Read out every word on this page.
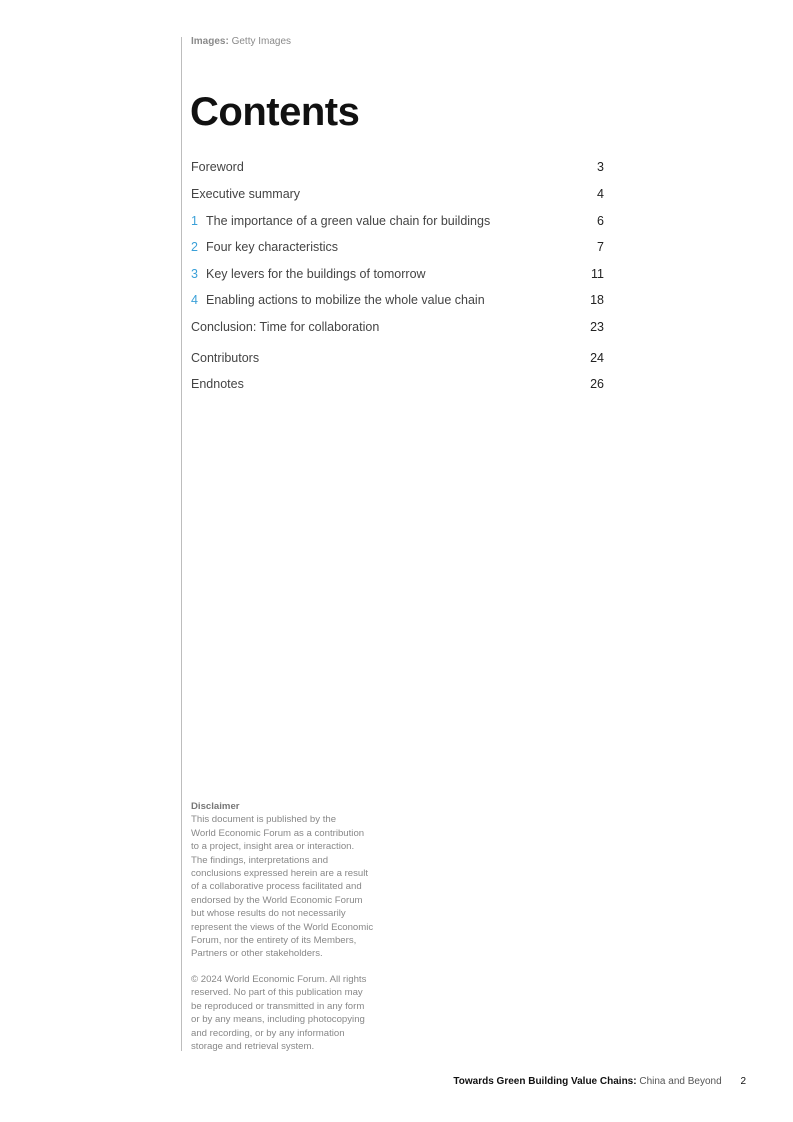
Images: Getty Images
Contents
Foreword	3
Executive summary	4
1 The importance of a green value chain for buildings	6
2 Four key characteristics	7
3 Key levers for the buildings of tomorrow	11
4 Enabling actions to mobilize the whole value chain	18
Conclusion: Time for collaboration	23
Contributors	24
Endnotes	26
Disclaimer
This document is published by the
World Economic Forum as a contribution
to a project, insight area or interaction.
The findings, interpretations and
conclusions expressed herein are a result
of a collaborative process facilitated and
endorsed by the World Economic Forum
but whose results do not necessarily
represent the views of the World Economic
Forum, nor the entirety of its Members,
Partners or other stakeholders.
© 2024 World Economic Forum. All rights
reserved. No part of this publication may
be reproduced or transmitted in any form
or by any means, including photocopying
and recording, or by any information
storage and retrieval system.
Towards Green Building Value Chains: China and Beyond 2
